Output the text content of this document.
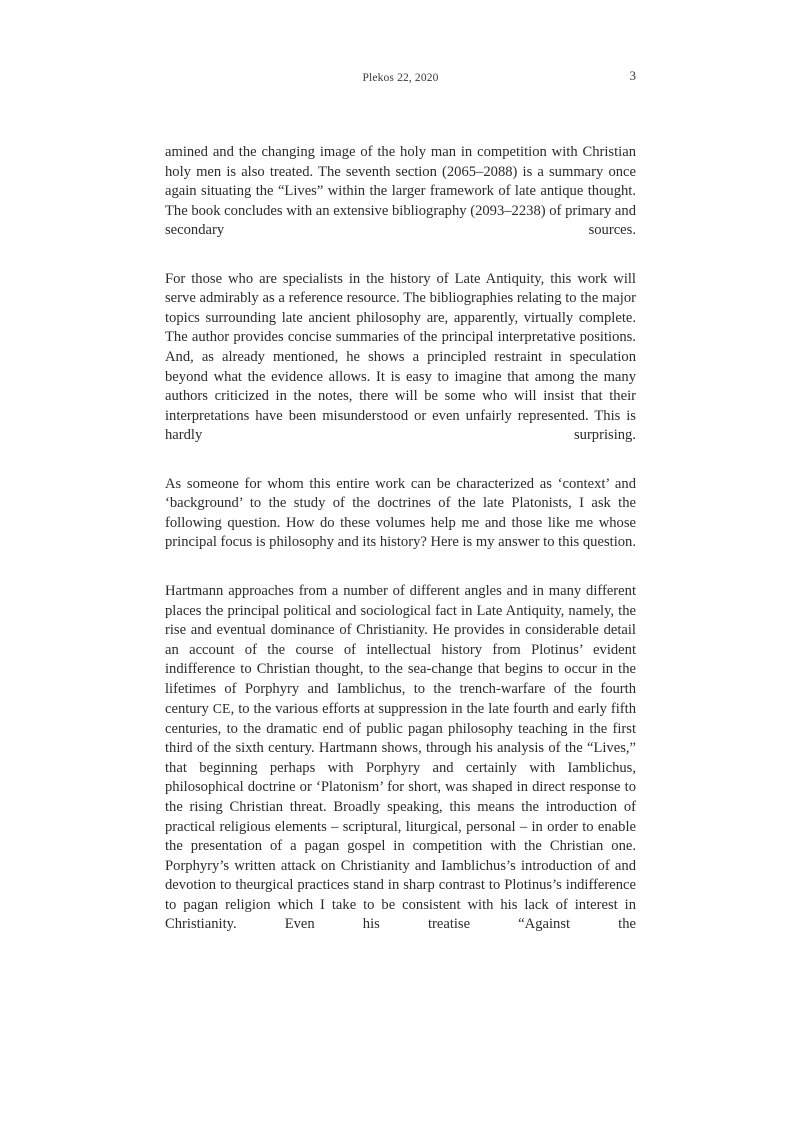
Plekos 22, 2020	3

amined and the changing image of the holy man in competition with Christian holy men is also treated. The seventh section (2065–2088) is a summary once again situating the “Lives” within the larger framework of late antique thought. The book concludes with an extensive bibliography (2093–2238) of primary and secondary sources.

For those who are specialists in the history of Late Antiquity, this work will serve admirably as a reference resource. The bibliographies relating to the major topics surrounding late ancient philosophy are, apparently, virtually complete. The author provides concise summaries of the principal interpretative positions. And, as already mentioned, he shows a principled restraint in speculation beyond what the evidence allows. It is easy to imagine that among the many authors criticized in the notes, there will be some who will insist that their interpretations have been misunderstood or even unfairly represented. This is hardly surprising.

As someone for whom this entire work can be characterized as ‘context’ and ‘background’ to the study of the doctrines of the late Platonists, I ask the following question. How do these volumes help me and those like me whose principal focus is philosophy and its history? Here is my answer to this question.

Hartmann approaches from a number of different angles and in many different places the principal political and sociological fact in Late Antiquity, namely, the rise and eventual dominance of Christianity. He provides in considerable detail an account of the course of intellectual history from Plotinus’ evident indifference to Christian thought, to the sea-change that begins to occur in the lifetimes of Porphyry and Iamblichus, to the trench-warfare of the fourth century CE, to the various efforts at suppression in the late fourth and early fifth centuries, to the dramatic end of public pagan philosophy teaching in the first third of the sixth century. Hartmann shows, through his analysis of the “Lives,” that beginning perhaps with Porphyry and certainly with Iamblichus, philosophical doctrine or ‘Platonism’ for short, was shaped in direct response to the rising Christian threat. Broadly speaking, this means the introduction of practical religious elements – scriptural, liturgical, personal – in order to enable the presentation of a pagan gospel in competition with the Christian one. Porphyry’s written attack on Christianity and Iamblichus’s introduction of and devotion to theurgical practices stand in sharp contrast to Plotinus’s indifference to pagan religion which I take to be consistent with his lack of interest in Christianity. Even his treatise “Against the
